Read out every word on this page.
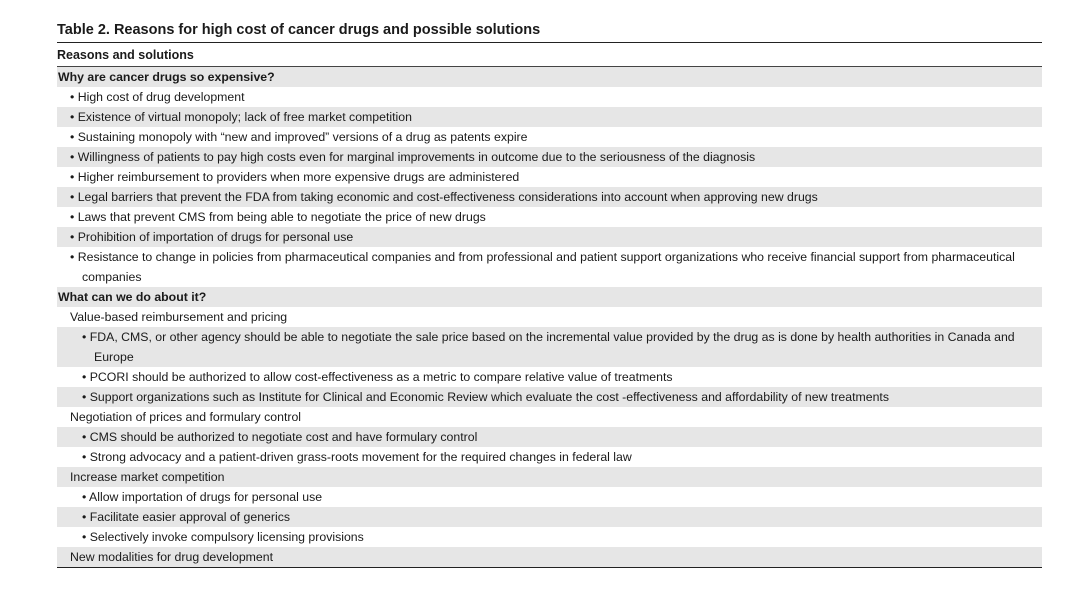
Table 2. Reasons for high cost of cancer drugs and possible solutions
Reasons and solutions
Why are cancer drugs so expensive?
• High cost of drug development
• Existence of virtual monopoly; lack of free market competition
• Sustaining monopoly with “new and improved” versions of a drug as patents expire
• Willingness of patients to pay high costs even for marginal improvements in outcome due to the seriousness of the diagnosis
• Higher reimbursement to providers when more expensive drugs are administered
• Legal barriers that prevent the FDA from taking economic and cost-effectiveness considerations into account when approving new drugs
• Laws that prevent CMS from being able to negotiate the price of new drugs
• Prohibition of importation of drugs for personal use
• Resistance to change in policies from pharmaceutical companies and from professional and patient support organizations who receive financial support from pharmaceutical companies
What can we do about it?
Value-based reimbursement and pricing
• FDA, CMS, or other agency should be able to negotiate the sale price based on the incremental value provided by the drug as is done by health authorities in Canada and Europe
• PCORI should be authorized to allow cost-effectiveness as a metric to compare relative value of treatments
• Support organizations such as Institute for Clinical and Economic Review which evaluate the cost -effectiveness and affordability of new treatments
Negotiation of prices and formulary control
• CMS should be authorized to negotiate cost and have formulary control
• Strong advocacy and a patient-driven grass-roots movement for the required changes in federal law
Increase market competition
• Allow importation of drugs for personal use
• Facilitate easier approval of generics
• Selectively invoke compulsory licensing provisions
New modalities for drug development
